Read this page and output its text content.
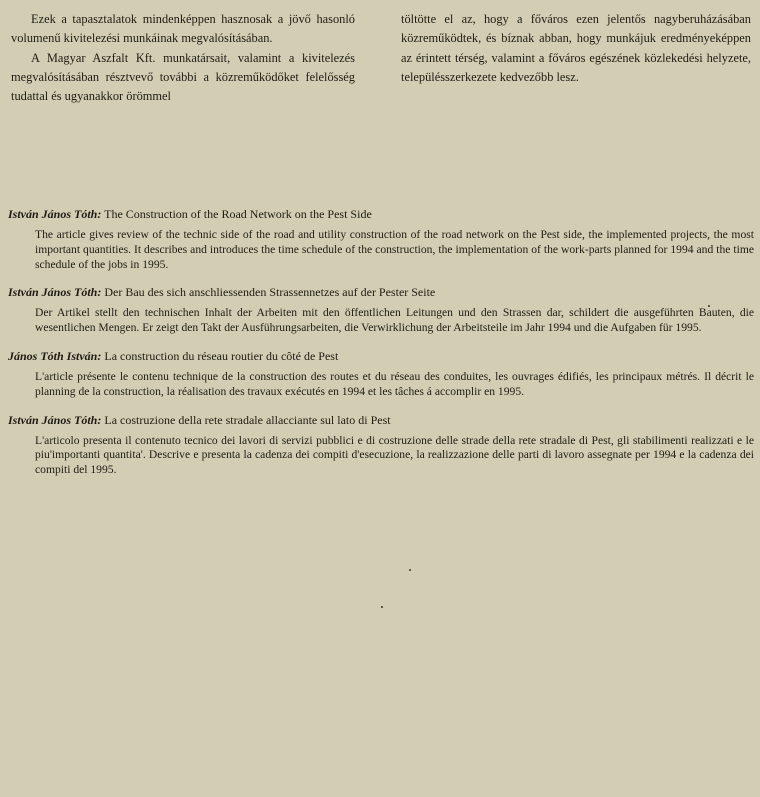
Ezek a tapasztalatok mindenképpen hasznosak a jövő hasonló volumenű kivitelezési munkáinak megvalósításában.

A Magyar Aszfalt Kft. munkatársait, valamint a kivitelezés megvalósításában résztvevő további a közreműködőket felelősség tudattal és ugyanakkor örömmel

töltötte el az, hogy a főváros ezen jelentős nagyberuházásában közreműködtek, és bíznak abban, hogy munkájuk eredményeképpen az érintett térség, valamint a főváros egészének közlekedési helyzete, településszerkezete kedvezőbb lesz.

István János Tóth: The Construction of the Road Network on the Pest Side

The article gives review of the technic side of the road and utility construction of the road network on the Pest side, the implemented projects, the most important quantities. It describes and introduces the time schedule of the construction, the implementation of the work-parts planned for 1994 and the time schedule of the jobs in 1995.

István János Tóth: Der Bau des sich anschliessenden Strassennetzes auf der Pester Seite

Der Artikel stellt den technischen Inhalt der Arbeiten mit den öffentlichen Leitungen und den Strassen dar, schildert die ausgeführten Bauten, die wesentlichen Mengen. Er zeigt den Takt der Ausführungsarbeiten, die Verwirklichung der Arbeitsteile im Jahr 1994 und die Aufgaben für 1995.

János Tóth István: La construction du réseau routier du côté de Pest

L'article présente le contenu technique de la construction des routes et du réseau des conduites, les ouvrages édifiés, les principaux métrés. Il décrit le planning de la construction, la réalisation des travaux exécutés en 1994 et les tâches á accomplir en 1995.

István János Tóth: La costruzione della rete stradale allacciante sul lato di Pest

L'articolo presenta il contenuto tecnico dei lavori di servizi pubblici e di costruzione delle strade della rete stradale di Pest, gli stabilimenti realizzati e le piu'importanti quantita'. Descrive e presenta la cadenza dei compiti d'esecuzione, la realizzazione delle parti di lavoro assegnate per 1994 e la cadenza dei compiti del 1995.
